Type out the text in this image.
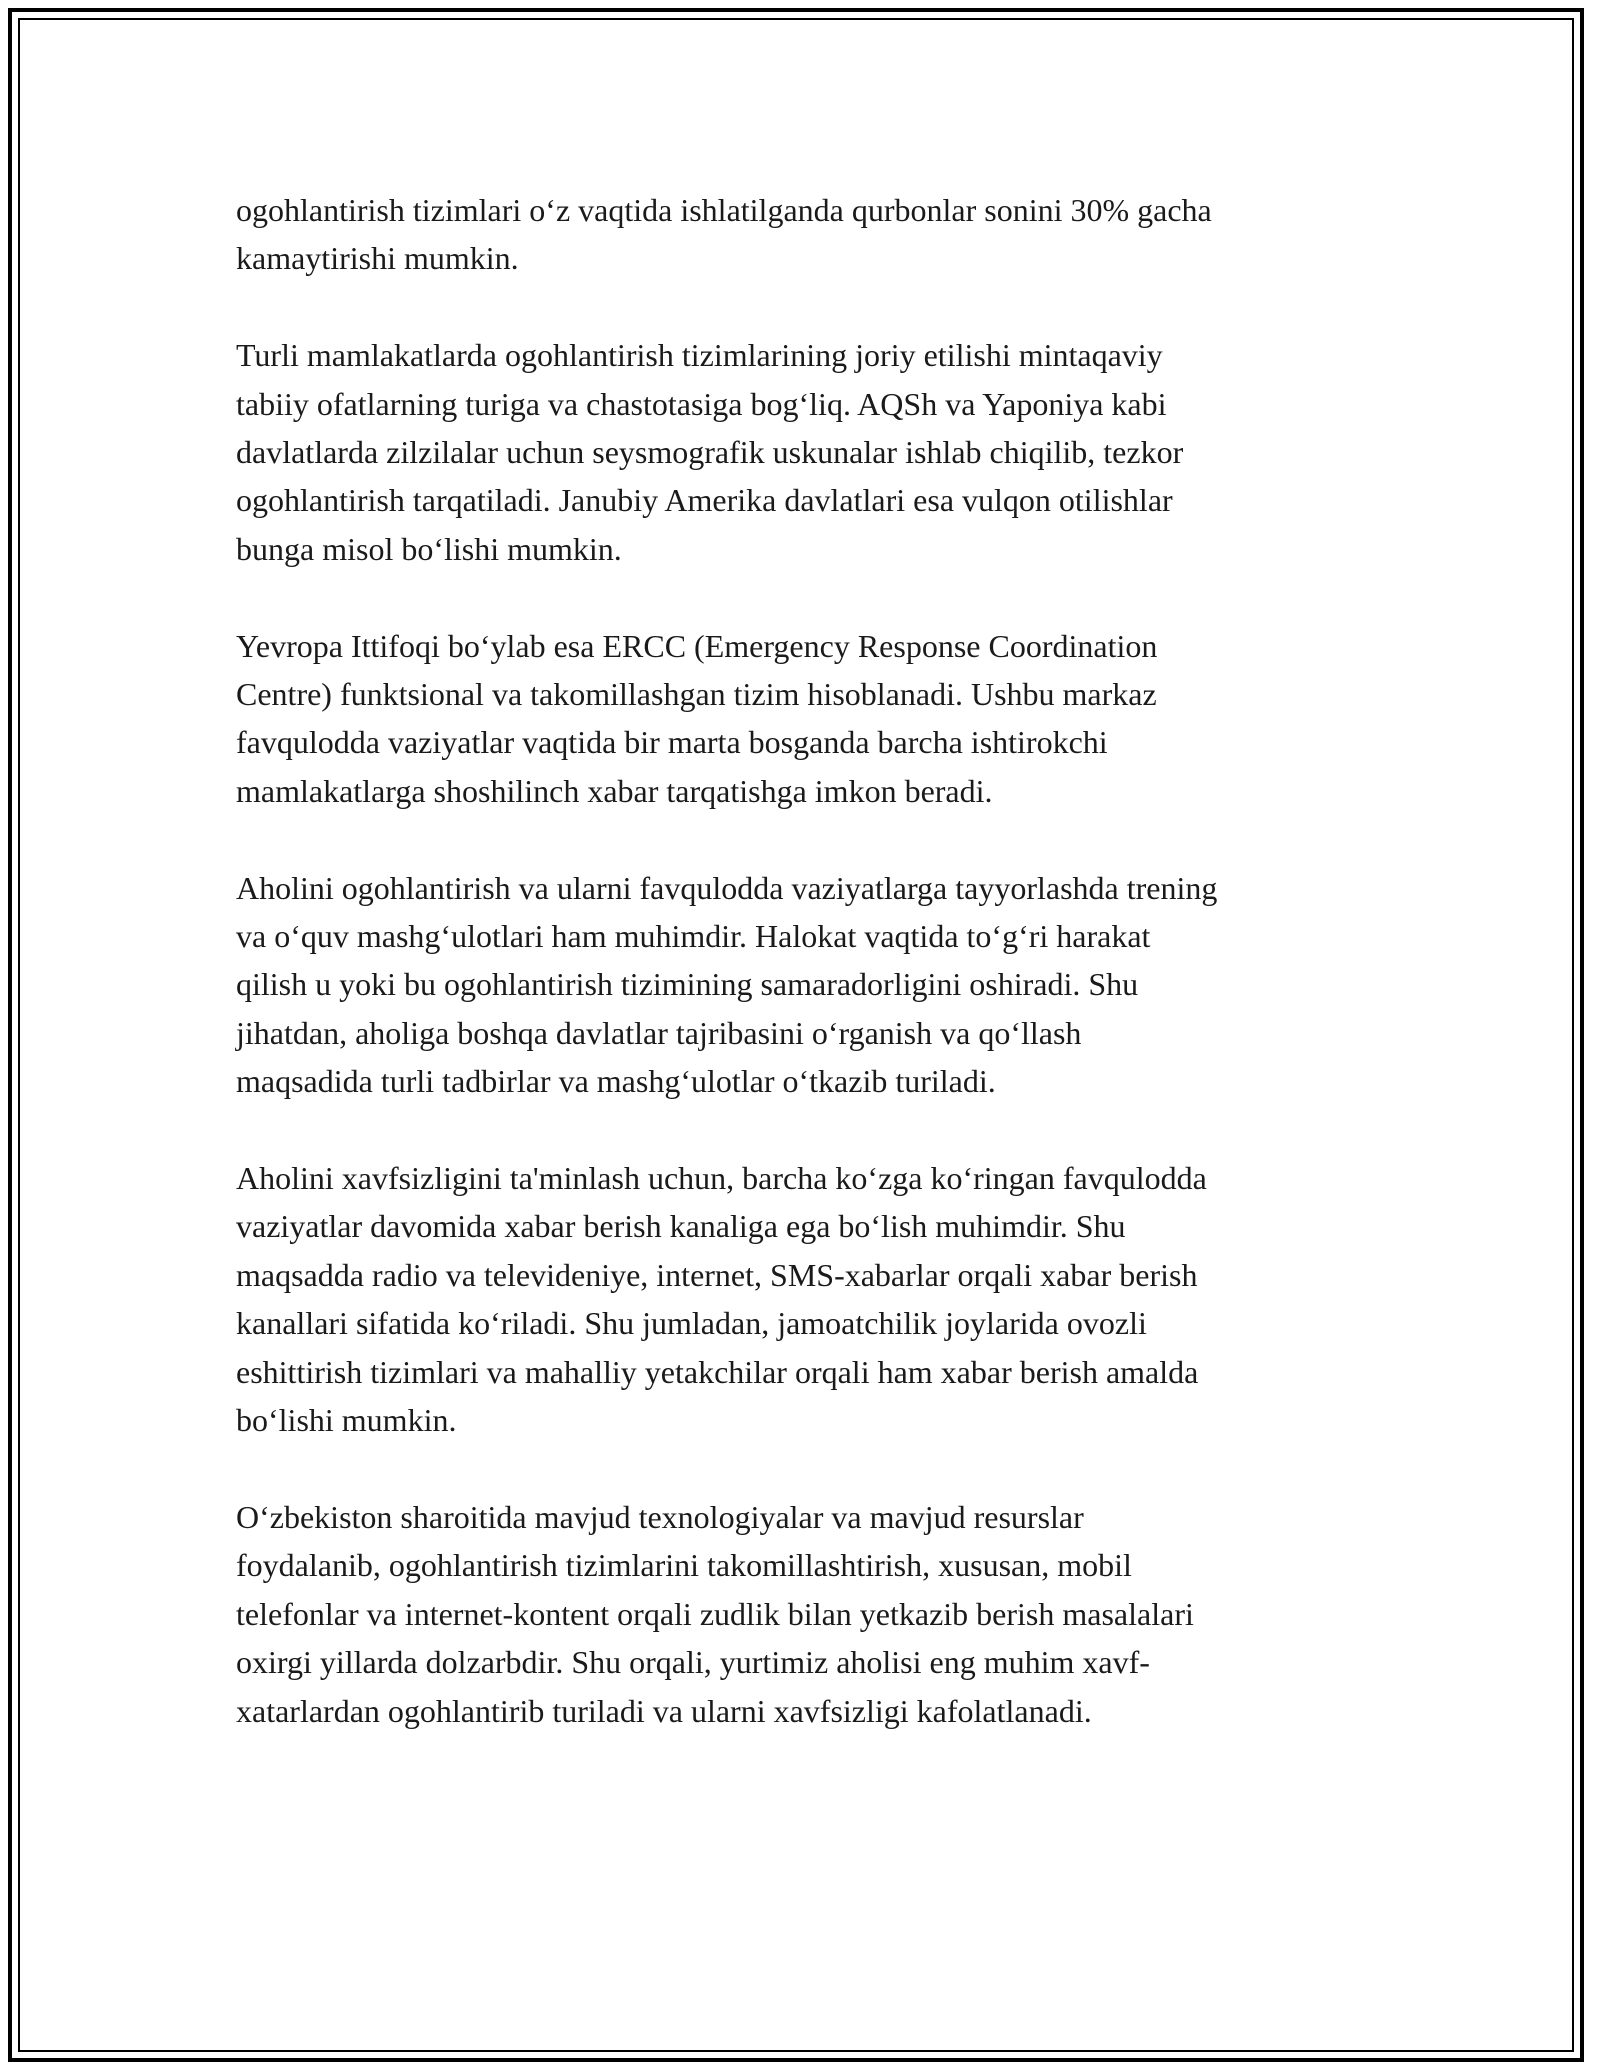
ogohlantirish tizimlari o‘z vaqtida ishlatilganda qurbonlar sonini 30% gacha
kamaytirishi mumkin.

Turli mamlakatlarda ogohlantirish tizimlarining joriy etilishi mintaqaviy
tabiiy ofatlarning turiga va chastotasiga bog‘liq. AQSh va Yaponiya kabi
davlatlarda zilzilalar uchun seysmografik uskunalar ishlab chiqilib, tezkor
ogohlantirish tarqatiladi. Janubiy Amerika davlatlari esa vulqon otilishlar
bunga misol bo‘lishi mumkin.

Yevropa Ittifoqi bo‘ylab esa ERCC (Emergency Response Coordination
Centre) funktsional va takomillashgan tizim hisoblanadi. Ushbu markaz
favqulodda vaziyatlar vaqtida bir marta bosganda barcha ishtirokchi
mamlakatlarga shoshilinch xabar tarqatishga imkon beradi.

Aholini ogohlantirish va ularni favqulodda vaziyatlarga tayyorlashda trening
va o‘quv mashg‘ulotlari ham muhimdir. Halokat vaqtida to‘g‘ri harakat
qilish u yoki bu ogohlantirish tizimining samaradorligini oshiradi. Shu
jihatdan, aholiga boshqa davlatlar tajribasini o‘rganish va qo‘llash
maqsadida turli tadbirlar va mashg‘ulotlar o‘tkazib turiladi.

Aholini xavfsizligini ta'minlash uchun, barcha ko‘zga ko‘ringan favqulodda
vaziyatlar davomida xabar berish kanaliga ega bo‘lish muhimdir. Shu
maqsadda radio va televideniye, internet, SMS-xabarlar orqali xabar berish
kanallari sifatida ko‘riladi. Shu jumladan, jamoatchilik joylarida ovozli
eshittirish tizimlari va mahalliy yetakchilar orqali ham xabar berish amalda
bo‘lishi mumkin.

O‘zbekiston sharoitida mavjud texnologiyalar va mavjud resurslar
foydalanib, ogohlantirish tizimlarini takomillashtirish, xususan, mobil
telefonlar va internet-kontent orqali zudlik bilan yetkazib berish masalalari
oxirgi yillarda dolzarbdir. Shu orqali, yurtimiz aholisi eng muhim xavf-
xatarlardan ogohlantirib turiladi va ularni xavfsizligi kafolatlanadi.
